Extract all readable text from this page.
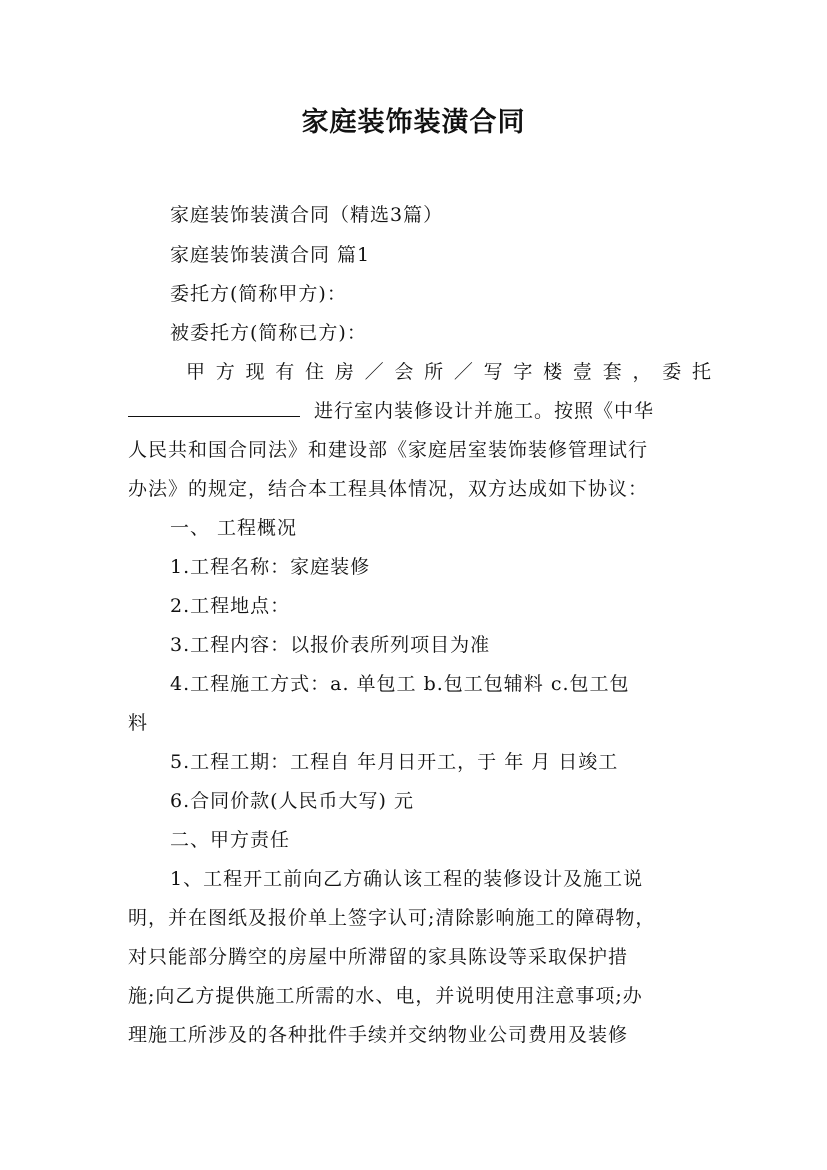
家庭装饰装潢合同
家庭装饰装潢合同（精选3篇）
家庭装饰装潢合同 篇1
委托方(简称甲方)：
被委托方(简称已方)：
甲方现有住房／会所／写字楼壹套，委托
进行室内装修设计并施工。按照《中华
人民共和国合同法》和建设部《家庭居室装饰装修管理试行
办法》的规定，结合本工程具体情况，双方达成如下协议：
一、 工程概况
1.工程名称：家庭装修
2.工程地点：
3.工程内容：以报价表所列项目为准
4.工程施工方式：a. 单包工 b.包工包辅料 c.包工包
料
5.工程工期：工程自 年月日开工，于 年 月 日竣工
6.合同价款(人民币大写) 元
二、甲方责任
1、工程开工前向乙方确认该工程的装修设计及施工说
明，并在图纸及报价单上签字认可;清除影响施工的障碍物，
对只能部分腾空的房屋中所滞留的家具陈设等采取保护措
施;向乙方提供施工所需的水、电，并说明使用注意事项;办
理施工所涉及的各种批件手续并交纳物业公司费用及装修
